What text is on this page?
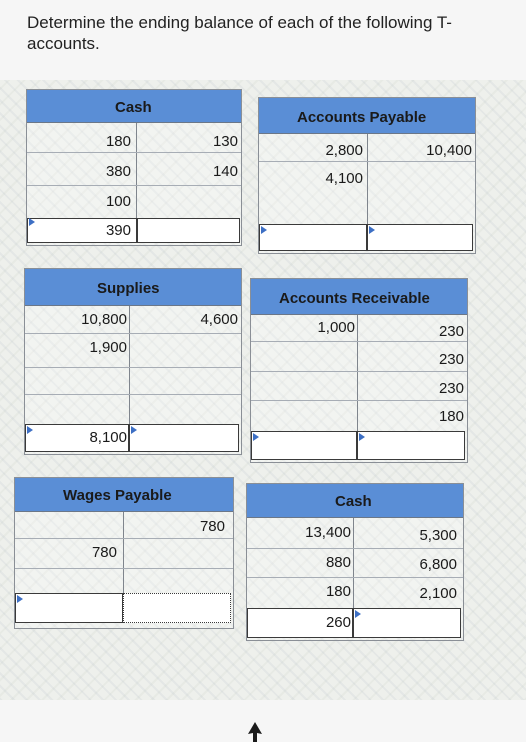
Determine the ending balance of each of the following T-accounts.
Cash
180
380
100
130
140
390
Accounts Payable
2,800
4,100
10,400
Supplies
10,800
1,900
4,600
8,100
Accounts Receivable
1,000	230
230
230
180
Wages Payable
780
780
Cash
13,400
880
180
5,300
6,800
2,100
260
